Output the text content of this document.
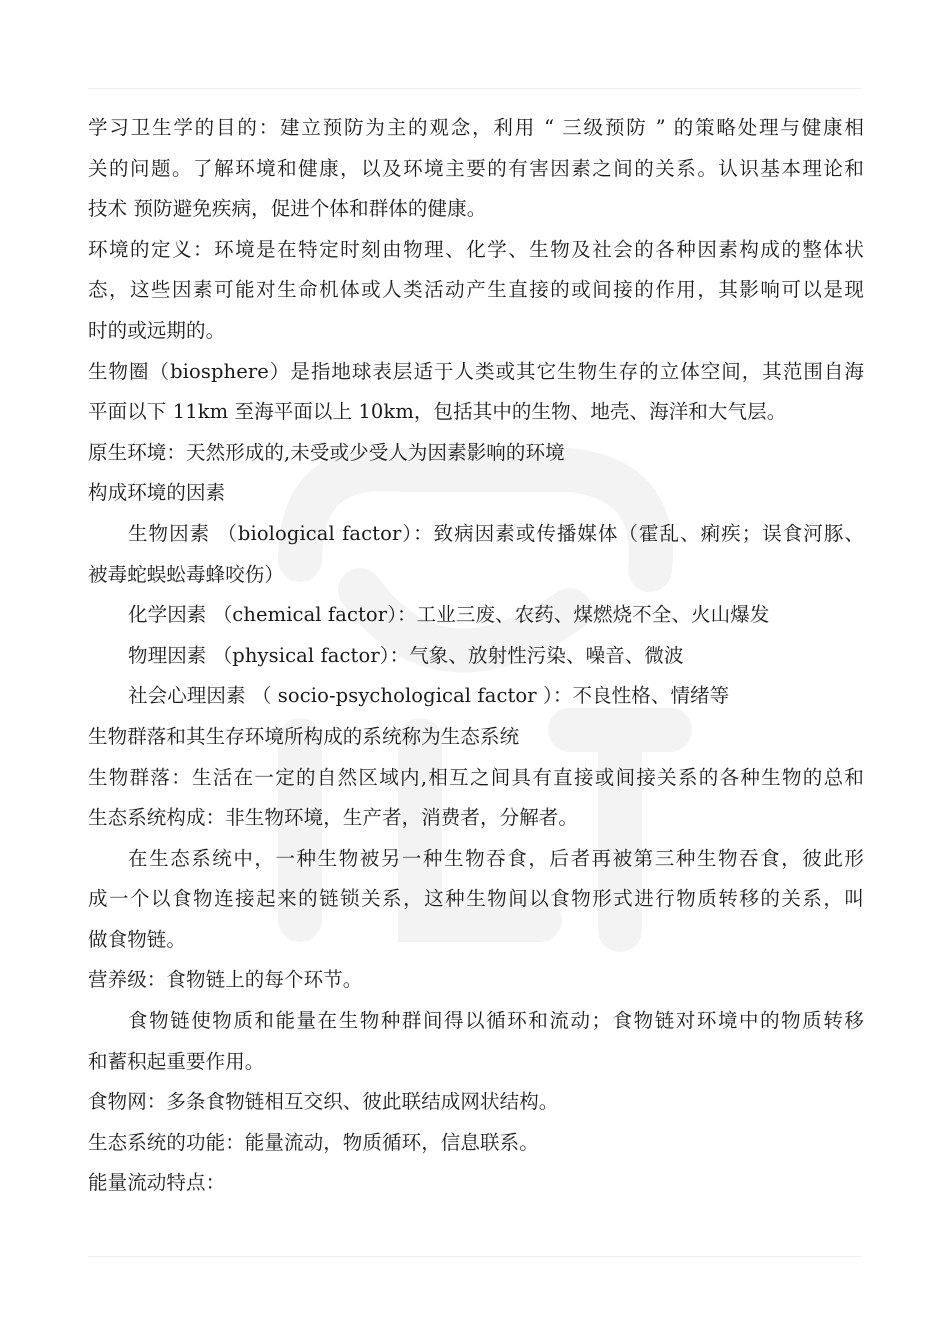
学习卫生学的目的：建立预防为主的观念，利用 “ 三级预防 ” 的策略处理与健康相
关的问题。了解环境和健康，以及环境主要的有害因素之间的关系。认识基本理论和
技术 预防避免疾病，促进个体和群体的健康。
环境的定义：环境是在特定时刻由物理、化学、生物及社会的各种因素构成的整体状
态，这些因素可能对生命机体或人类活动产生直接的或间接的作用，其影响可以是现
时的或远期的。
生物圈（biosphere）是指地球表层适于人类或其它生物生存的立体空间，其范围自海
平面以下 11km 至海平面以上 10km，包括其中的生物、地壳、海洋和大气层。
原生环境：天然形成的,未受或少受人为因素影响的环境
构成环境的因素
生物因素 （biological factor）：致病因素或传播媒体（霍乱、痢疾；误食河豚、
被毒蛇蜈蚣毒蜂咬伤）
化学因素 （chemical factor）：工业三废、农药、煤燃烧不全、火山爆发
物理因素 （physical factor）：气象、放射性污染、噪音、微波
社会心理因素 （ socio-psychological factor ）：不良性格、情绪等
生物群落和其生存环境所构成的系统称为生态系统
生物群落：生活在一定的自然区域内,相互之间具有直接或间接关系的各种生物的总和
生态系统构成：非生物环境，生产者，消费者，分解者。
在生态系统中，一种生物被另一种生物吞食，后者再被第三种生物吞食，彼此形
成一个以食物连接起来的链锁关系，这种生物间以食物形式进行物质转移的关系，叫
做食物链。
营养级：食物链上的每个环节。
食物链使物质和能量在生物种群间得以循环和流动；食物链对环境中的物质转移
和蓄积起重要作用。
食物网：多条食物链相互交织、彼此联结成网状结构。
生态系统的功能：能量流动，物质循环，信息联系。
能量流动特点：
